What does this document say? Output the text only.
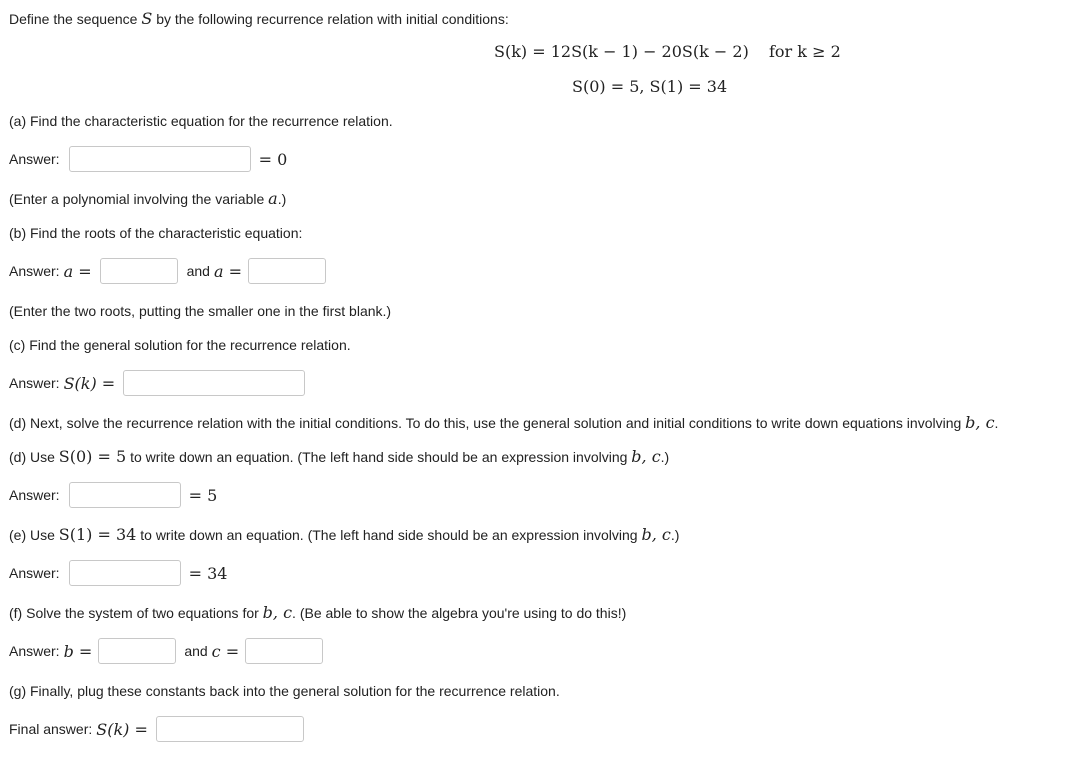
Define the sequence S by the following recurrence relation with initial conditions:
S(k) = 12S(k − 1) − 20S(k − 2) for k ≥ 2
S(0) = 5, S(1) = 34
(a) Find the characteristic equation for the recurrence relation.
Answer:	= 0
(Enter a polynomial involving the variable a.)
(b) Find the roots of the characteristic equation:
Answer: a =	and a =
(Enter the two roots, putting the smaller one in the first blank.)
(c) Find the general solution for the recurrence relation.
Answer: S(k) =
(d) Next, solve the recurrence relation with the initial conditions. To do this, use the general solution and initial conditions to write down equations involving b, c.
(d) Use S(0) = 5 to write down an equation. (The left hand side should be an expression involving b, c.)
Answer:	= 5
(e) Use S(1) = 34 to write down an equation. (The left hand side should be an expression involving b, c.)
Answer:	= 34
(f) Solve the system of two equations for b, c. (Be able to show the algebra you're using to do this!)
Answer: b =	and c =
(g) Finally, plug these constants back into the general solution for the recurrence relation.
Final answer: S(k) =
